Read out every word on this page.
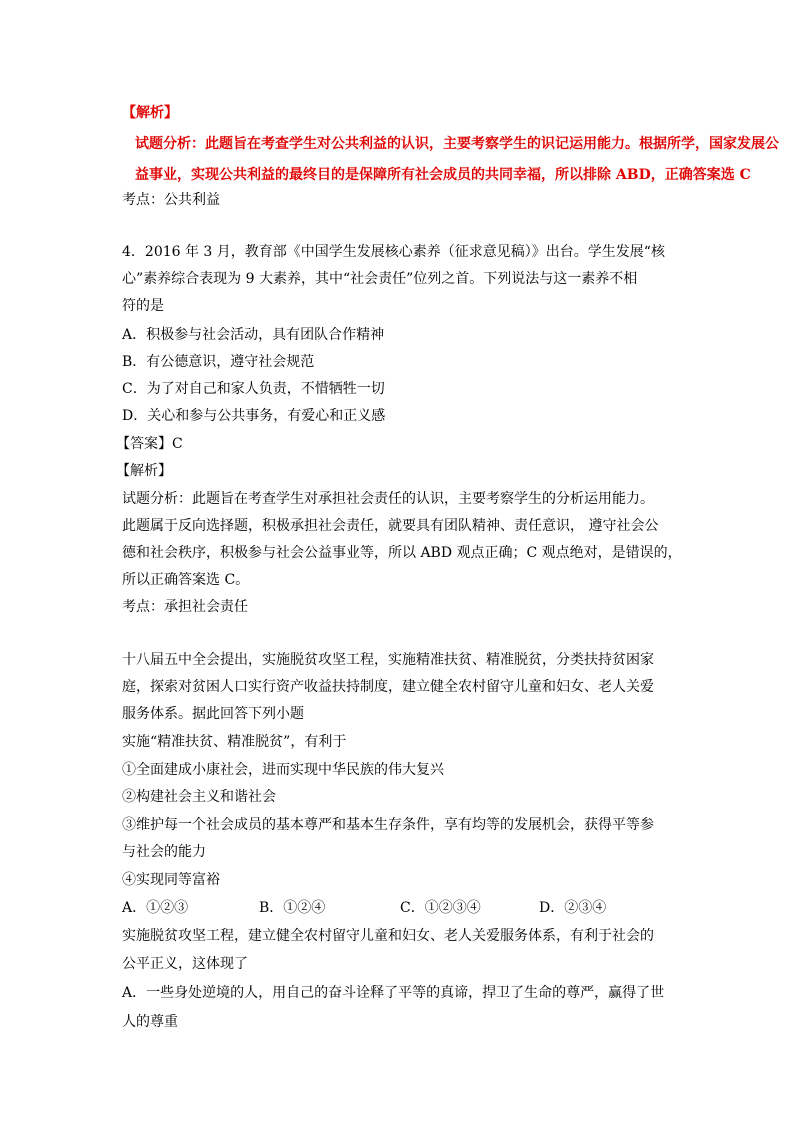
【解析】
试题分析：此题旨在考查学生对公共利益的认识，主要考察学生的识记运用能力。根据所学，国家发展公
益事业，实现公共利益的最终目的是保障所有社会成员的共同幸福，所以排除 ABD，正确答案选 C
考点：公共利益
4．2016 年 3 月，教育部《中国学生发展核心素养（征求意见稿）》出台。学生发展“核
心”素养综合表现为 9 大素养，其中“社会责任”位列之首。下列说法与这一素养不相
符的是
A．积极参与社会活动，具有团队合作精神
B．有公德意识，遵守社会规范
C．为了对自己和家人负责，不惜牺牲一切
D．关心和参与公共事务，有爱心和正义感
【答案】C
【解析】
试题分析：此题旨在考查学生对承担社会责任的认识，主要考察学生的分析运用能力。
此题属于反向选择题，积极承担社会责任，就要具有团队精神、责任意识， 遵守社会公
德和社会秩序，积极参与社会公益事业等，所以 ABD 观点正确；C 观点绝对，是错误的，
所以正确答案选 C。
考点：承担社会责任
十八届五中全会提出，实施脱贫攻坚工程，实施精准扶贫、精准脱贫，分类扶持贫困家
庭，探索对贫困人口实行资产收益扶持制度，建立健全农村留守儿童和妇女、老人关爱
服务体系。据此回答下列小题
实施“精准扶贫、精准脱贫”，有利于
①全面建成小康社会，进而实现中华民族的伟大复兴
②构建社会主义和谐社会
③维护每一个社会成员的基本尊严和基本生存条件，享有均等的发展机会，获得平等参
与社会的能力
④实现同等富裕
A．①②③	B．①②④	C．①②③④	D．②③④
实施脱贫攻坚工程，建立健全农村留守儿童和妇女、老人关爱服务体系，有利于社会的
公平正义，这体现了
A．一些身处逆境的人，用自己的奋斗诠释了平等的真谛，捍卫了生命的尊严，赢得了世
人的尊重
